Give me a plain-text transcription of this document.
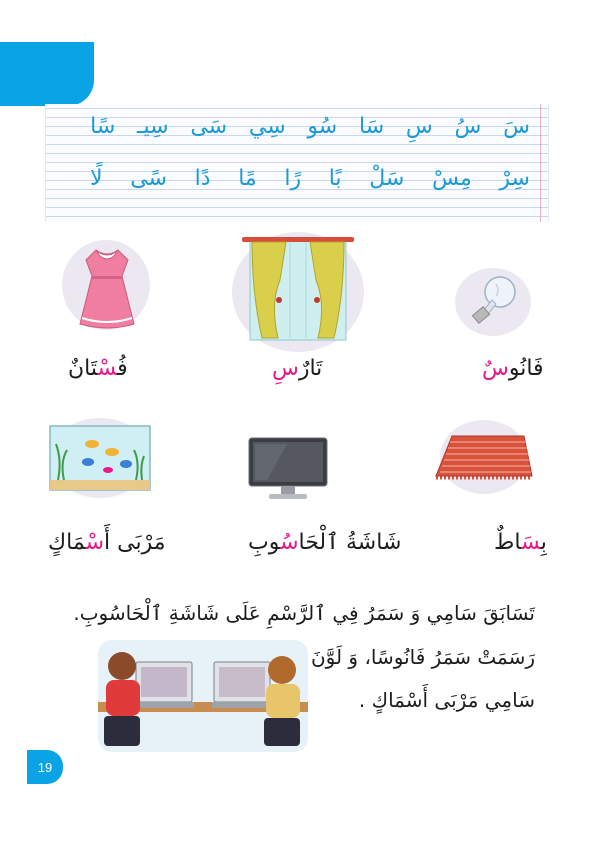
سَ
سُ
سِ
سَا
سُو
سِي
سَى
سِيـ
سًا
سِرْ
مِسْ
سَلْ
بًا
رًا
مًا
دًا
سًى
لًا
فَانُوسٌ
تَارٌسِ
فُسْتَانٌ
بِسَاطٌ
شَاشَةُ ٱلْحَاسُوبِ
مَرْبَى أَسْمَاكٍ
تَسَابَقَ سَامِي وَ سَمَرُ فِي ٱلرَّسْمِ عَلَى شَاشَةِ ٱلْحَاسُوبِ.
رَسَمَتْ سَمَرُ فَانُوسًا، وَ لَوَّنَ
سَامِي مَرْبَى أَسْمَاكٍ .
19
